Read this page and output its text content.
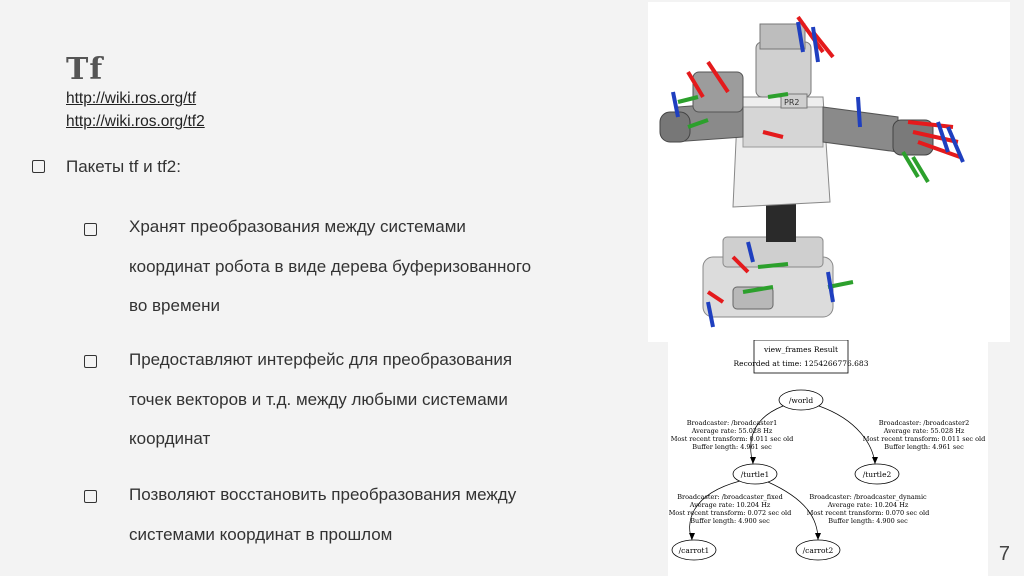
Tf
http://wiki.ros.org/tf
http://wiki.ros.org/tf2
Пакеты tf и tf2:
Хранят преобразования между системами
координат робота в виде дерева буферизованного
во времени
Предоставляют интерфейс для преобразования
точек векторов и т.д. между любыми системами
координат
Позволяют восстановить преобразования между
системами координат в прошлом
PR2
view_frames Result
Recorded at time: 1254266776.683
/world
/turtle1	/turtle2
/carrot1	/carrot2
Broadcaster: /broadcaster1
Average rate: 55.028 Hz
Most recent transform: 0.011 sec old
Buffer length: 4.961 sec
Broadcaster: /broadcaster2
Average rate: 55.028 Hz
Most recent transform: 0.011 sec old
Buffer length: 4.961 sec
Broadcaster: /broadcaster_fixed
Average rate: 10.204 Hz
Most recent transform: 0.072 sec old
Buffer length: 4.900 sec
Broadcaster: /broadcaster_dynamic
Average rate: 10.204 Hz
Most recent transform: 0.070 sec old
Buffer length: 4.900 sec
7
